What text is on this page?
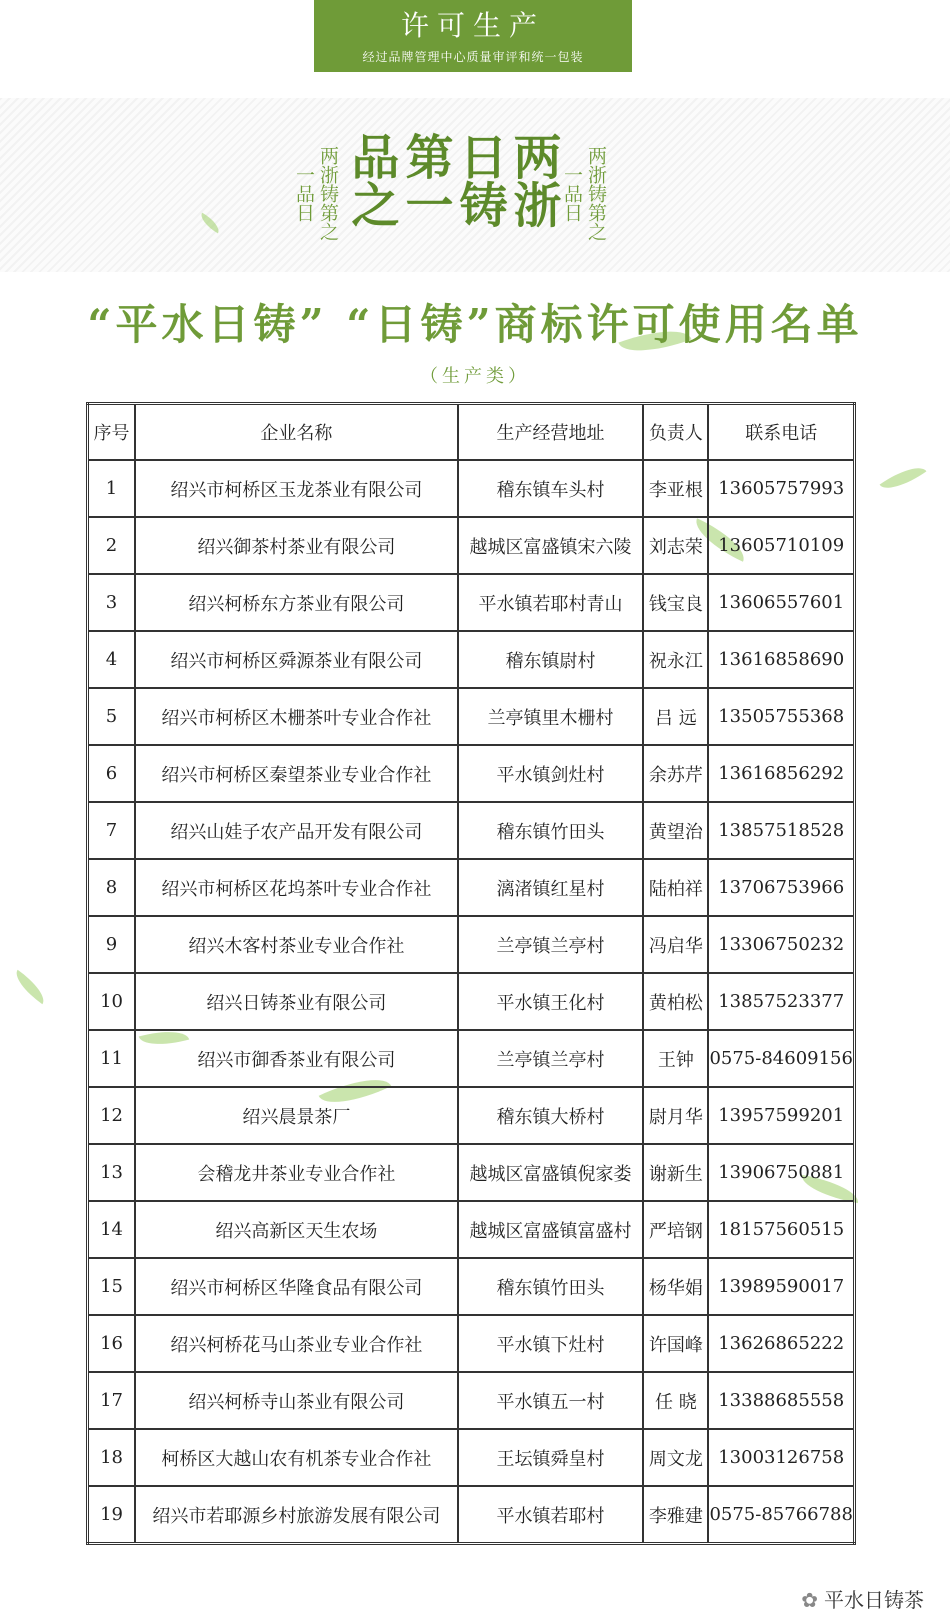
许可生产
经过品牌管理中心质量审评和统一包装
两浙铸第之一品日	两浙日铸第一品之	两浙铸第之一品日
“平水日铸” “日铸”商标许可使用名单
（生产类）
序号	企业名称	生产经营地址	负责人	联系电话
1	绍兴市柯桥区玉龙茶业有限公司	稽东镇车头村	李亚根	13605757993
2	绍兴御茶村茶业有限公司	越城区富盛镇宋六陵	刘志荣	13605710109
3	绍兴柯桥东方茶业有限公司	平水镇若耶村青山	钱宝良	13606557601
4	绍兴市柯桥区舜源茶业有限公司	稽东镇尉村	祝永江	13616858690
5	绍兴市柯桥区木栅茶叶专业合作社	兰亭镇里木栅村	吕 远	13505755368
6	绍兴市柯桥区秦望茶业专业合作社	平水镇剑灶村	余苏芹	13616856292
7	绍兴山娃子农产品开发有限公司	稽东镇竹田头	黄望治	13857518528
8	绍兴市柯桥区花坞茶叶专业合作社	漓渚镇红星村	陆柏祥	13706753966
9	绍兴木客村茶业专业合作社	兰亭镇兰亭村	冯启华	13306750232
10	绍兴日铸茶业有限公司	平水镇王化村	黄柏松	13857523377
11	绍兴市御香茶业有限公司	兰亭镇兰亭村	王钟	0575-84609156
12	绍兴晨景茶厂	稽东镇大桥村	尉月华	13957599201
13	会稽龙井茶业专业合作社	越城区富盛镇倪家娄	谢新生	13906750881
14	绍兴高新区天生农场	越城区富盛镇富盛村	严培钢	18157560515
15	绍兴市柯桥区华隆食品有限公司	稽东镇竹田头	杨华娟	13989590017
16	绍兴柯桥花马山茶业专业合作社	平水镇下灶村	许国峰	13626865222
17	绍兴柯桥寺山茶业有限公司	平水镇五一村	任 晓	13388685558
18	柯桥区大越山农有机茶专业合作社	王坛镇舜皇村	周文龙	13003126758
19	绍兴市若耶源乡村旅游发展有限公司	平水镇若耶村	李雅建	0575-85766788
✿ 平水日铸茶
